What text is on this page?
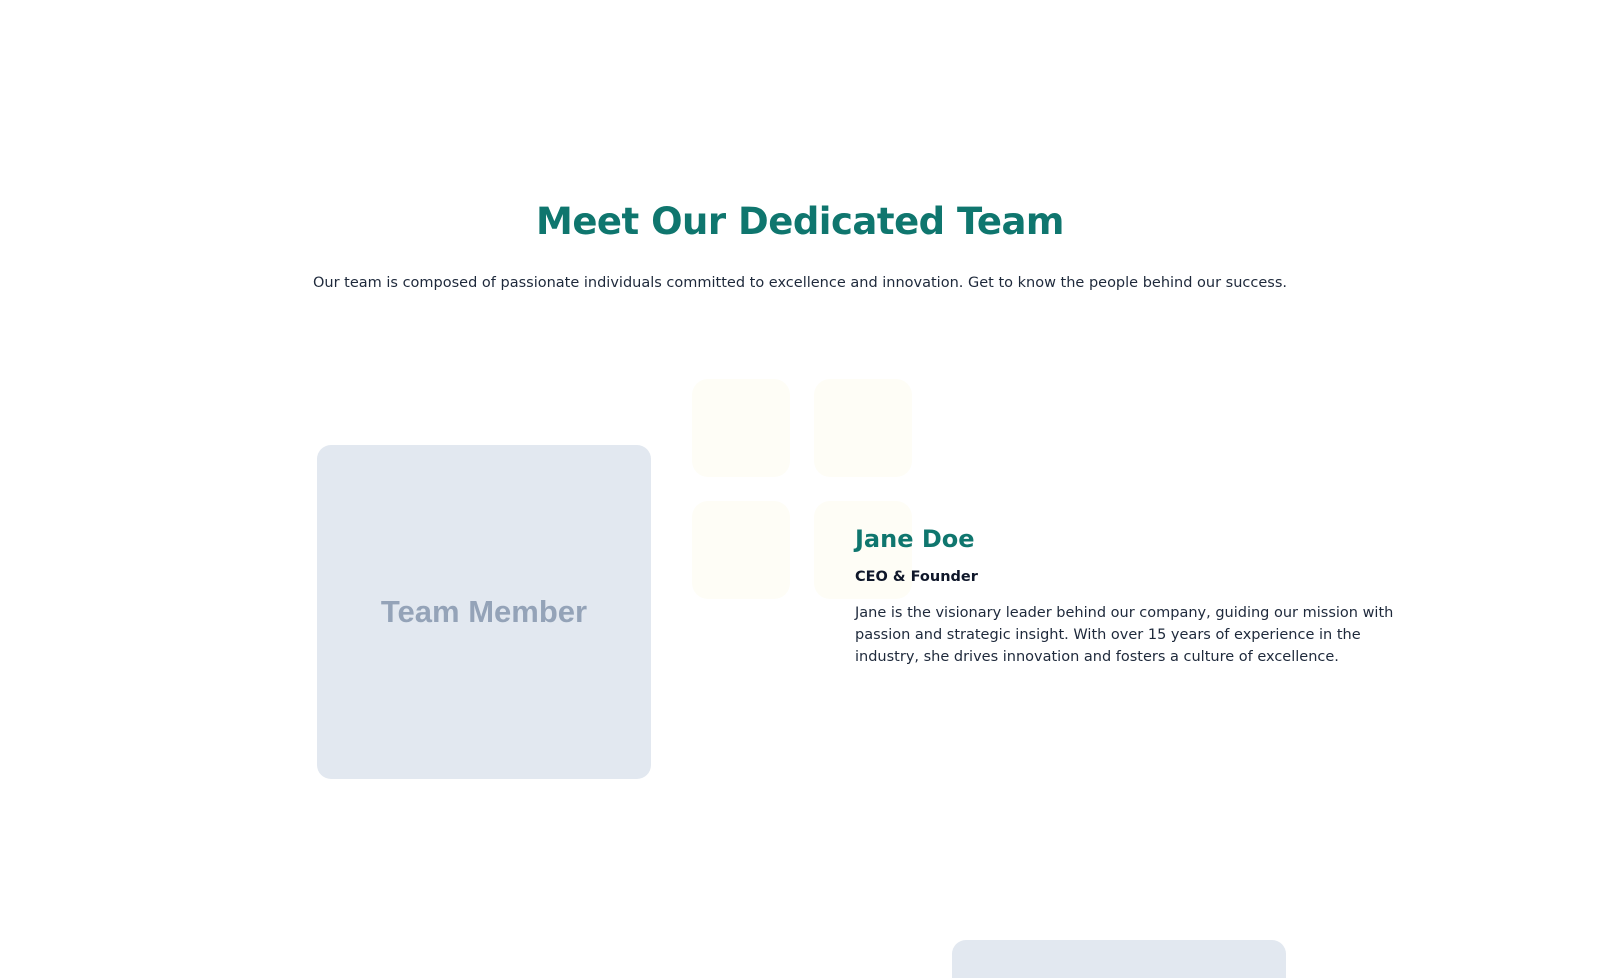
Meet Our Dedicated Team

Our team is composed of passionate individuals committed to excellence and innovation. Get to know the people behind our success.

Team Member
Jane Doe

CEO & Founder

Jane is the visionary leader behind our company, guiding our mission with passion and strategic insight. With over 15 years of experience in the industry, she drives innovation and fosters a culture of excellence.
